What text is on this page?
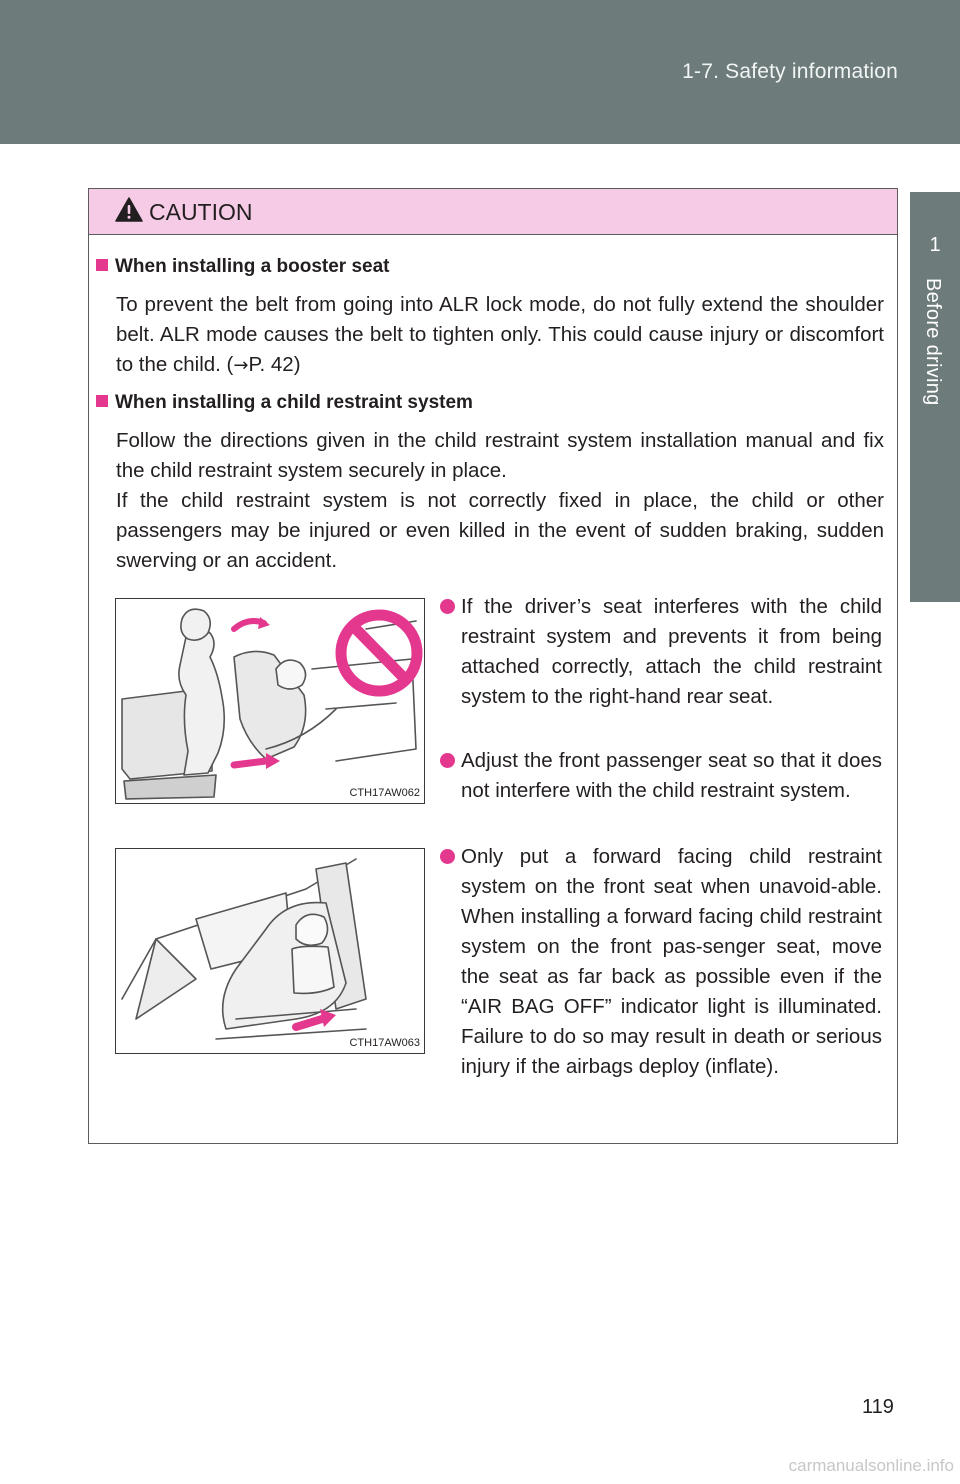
1-7. Safety information
1
Before driving
CAUTION
When installing a booster seat

To prevent the belt from going into ALR lock mode, do not fully extend the shoulder belt. ALR mode causes the belt to tighten only. This could cause injury or discomfort to the child. (→P. 42)

When installing a child restraint system

Follow the directions given in the child restraint system installation manual and fix the child restraint system securely in place.
If the child restraint system is not correctly fixed in place, the child or other passengers may be injured or even killed in the event of sudden braking, sudden swerving or an accident.

CTH17AW062
CTH17AW063
If the driver’s seat interferes with the child restraint system and prevents it from being attached correctly, attach the child restraint system to the right-hand rear seat.
Adjust the front passenger seat so that it does not interfere with the child restraint system.
Only put a forward facing child restraint system on the front seat when unavoid-able. When installing a forward facing child restraint system on the front pas-senger seat, move the seat as far back as possible even if the “AIR BAG OFF” indicator light is illuminated. Failure to do so may result in death or serious injury if the airbags deploy (inflate).
119
carmanualsonline.info
